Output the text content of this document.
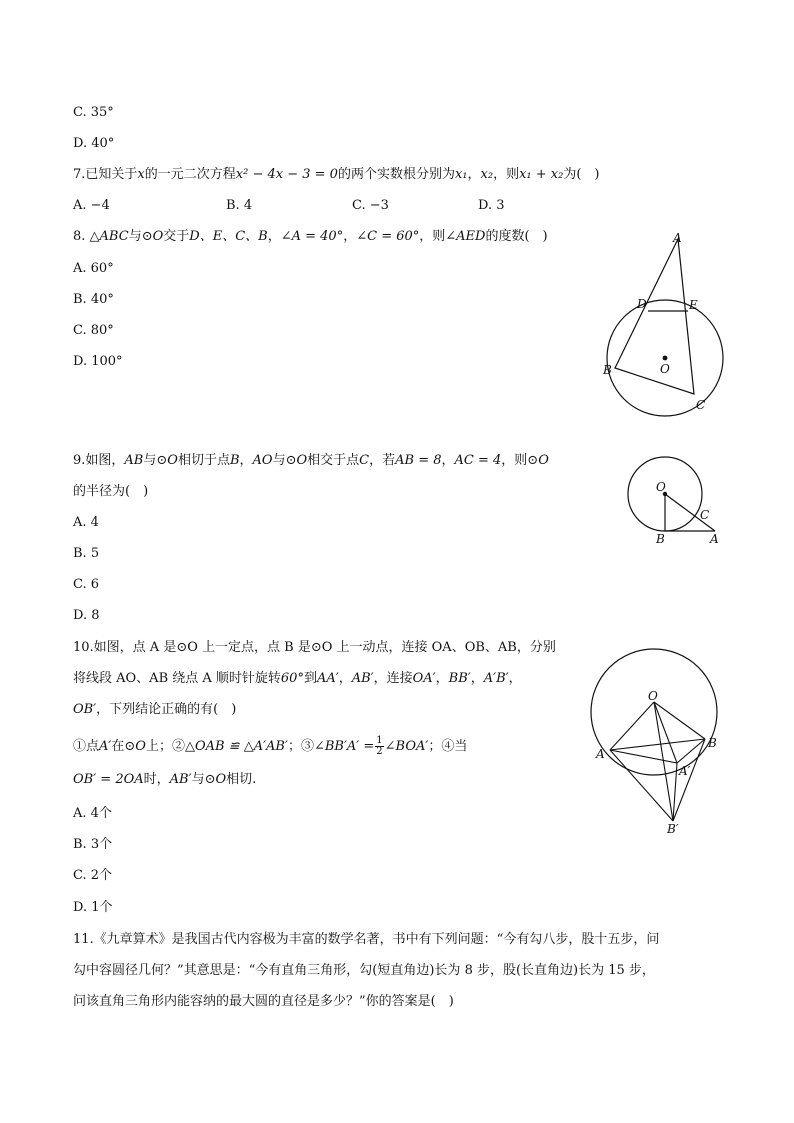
C. 35°
D. 40°
7.已知关于x的一元二次方程x² − 4x − 3 = 0的两个实数根分别为x₁，x₂，则x₁ + x₂为(　)
A. −4	B. 4	C. −3	D. 3
8. △ABC与⊙O交于D、E、C、B，∠A = 40°，∠C = 60°，则∠AED的度数(　)
A. 60°
B. 40°
C. 80°
D. 100°
A
D	E
B
C
O
9.如图，AB与⊙O相切于点B，AO与⊙O相交于点C，若AB = 8，AC = 4，则⊙O
的半径为(　)
A. 4
B. 5
C. 6
D. 8
O
C
B	A
10.如图，点 A 是⊙O 上一定点，点 B 是⊙O 上一动点，连接 OA、OB、AB，分别
将线段 AO、AB 绕点 A 顺时针旋转60°到AA′，AB′，连接OA′，BB′，A′B′，
OB′，下列结论正确的有(　)
①点A′在⊙O上；②△OAB ≌ △A′AB′；③∠BB′A′ = $\frac{1}{2}$ ∠BOA′；④当
OB′ = 2OA时，AB′与⊙O相切.
A. 4个
B. 3个
C. 2个
D. 1个
O
A
B
A′
B′
11.《九章算术》是我国古代内容极为丰富的数学名著，书中有下列问题：“今有勾八步，股十五步，问
勾中容圆径几何？”其意思是：“今有直角三角形，勾(短直角边)长为 8 步，股(长直角边)长为 15 步，
问该直角三角形内能容纳的最大圆的直径是多少？”你的答案是(　)
